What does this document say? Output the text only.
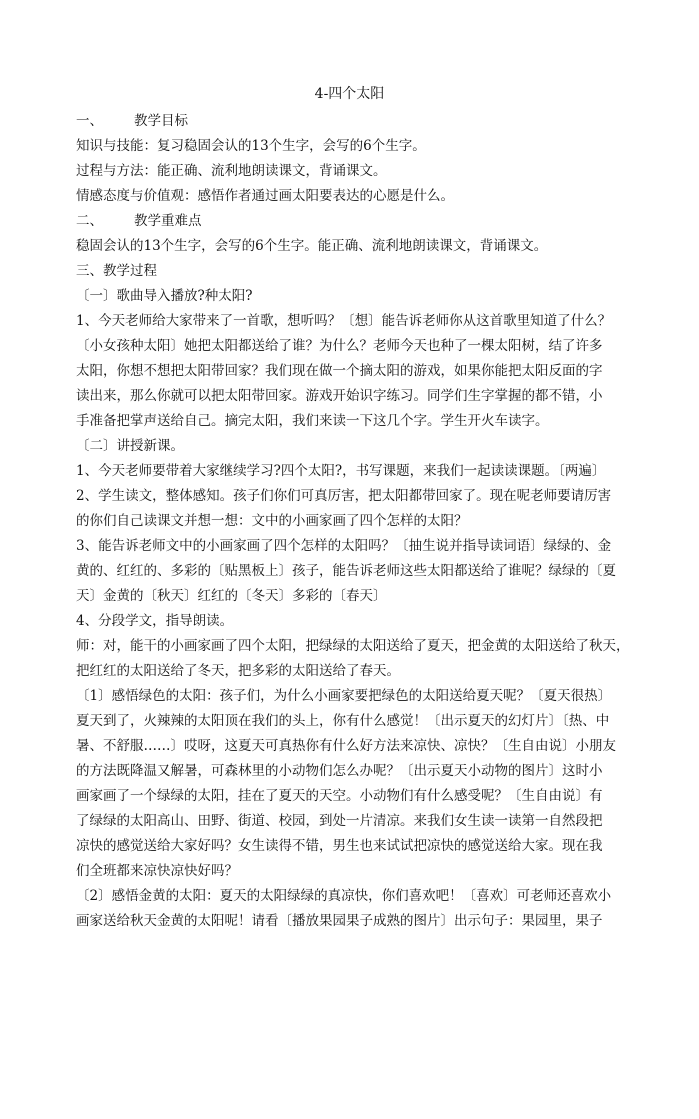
4-四个太阳

一、 教学目标

知识与技能：复习稳固会认的13个生字，会写的6个生字。

过程与方法：能正确、流利地朗读课文，背诵课文。

情感态度与价值观：感悟作者通过画太阳要表达的心愿是什么。

二、 教学重难点

稳固会认的13个生字，会写的6个生字。能正确、流利地朗读课文，背诵课文。

三、教学过程

〔一〕歌曲导入播放?种太阳?

1、今天老师给大家带来了一首歌，想听吗？〔想〕能告诉老师你从这首歌里知道了什么？

〔小女孩种太阳〕她把太阳都送给了谁？为什么？老师今天也种了一棵太阳树，结了许多

太阳，你想不想把太阳带回家？我们现在做一个摘太阳的游戏，如果你能把太阳反面的字

读出来，那么你就可以把太阳带回家。游戏开始识字练习。同学们生字掌握的都不错，小

手准备把掌声送给自己。摘完太阳，我们来读一下这几个字。学生开火车读字。

〔二〕讲授新课。

1、今天老师要带着大家继续学习?四个太阳?，书写课题，来我们一起读读课题。〔两遍〕

2、学生读文，整体感知。孩子们你们可真厉害，把太阳都带回家了。现在呢老师要请厉害

的你们自己读课文并想一想：文中的小画家画了四个怎样的太阳？

3、能告诉老师文中的小画家画了四个怎样的太阳吗？〔抽生说并指导读词语〕绿绿的、金

黄的、红红的、多彩的〔贴黑板上〕孩子，能告诉老师这些太阳都送给了谁呢？绿绿的〔夏

天〕金黄的〔秋天〕红红的〔冬天〕多彩的〔春天〕

4、分段学文，指导朗读。

师：对，能干的小画家画了四个太阳，把绿绿的太阳送给了夏天，把金黄的太阳送给了秋天，

把红红的太阳送给了冬天，把多彩的太阳送给了春天。

〔1〕感悟绿色的太阳：孩子们，为什么小画家要把绿色的太阳送给夏天呢？〔夏天很热〕

夏天到了，火辣辣的太阳顶在我们的头上，你有什么感觉！〔出示夏天的幻灯片〕〔热、中

暑、不舒服……〕哎呀，这夏天可真热你有什么好方法来凉快、凉快？〔生自由说〕小朋友

的方法既降温又解暑，可森林里的小动物们怎么办呢？〔出示夏天小动物的图片〕这时小

画家画了一个绿绿的太阳，挂在了夏天的天空。小动物们有什么感受呢？〔生自由说〕有

了绿绿的太阳高山、田野、街道、校园，到处一片清凉。来我们女生读一读第一自然段把

凉快的感觉送给大家好吗？女生读得不错，男生也来试试把凉快的感觉送给大家。现在我

们全班都来凉快凉快好吗？

〔2〕感悟金黄的太阳：夏天的太阳绿绿的真凉快，你们喜欢吧！〔喜欢〕可老师还喜欢小

画家送给秋天金黄的太阳呢！请看〔播放果园果子成熟的图片〕出示句子：果园里，果子
